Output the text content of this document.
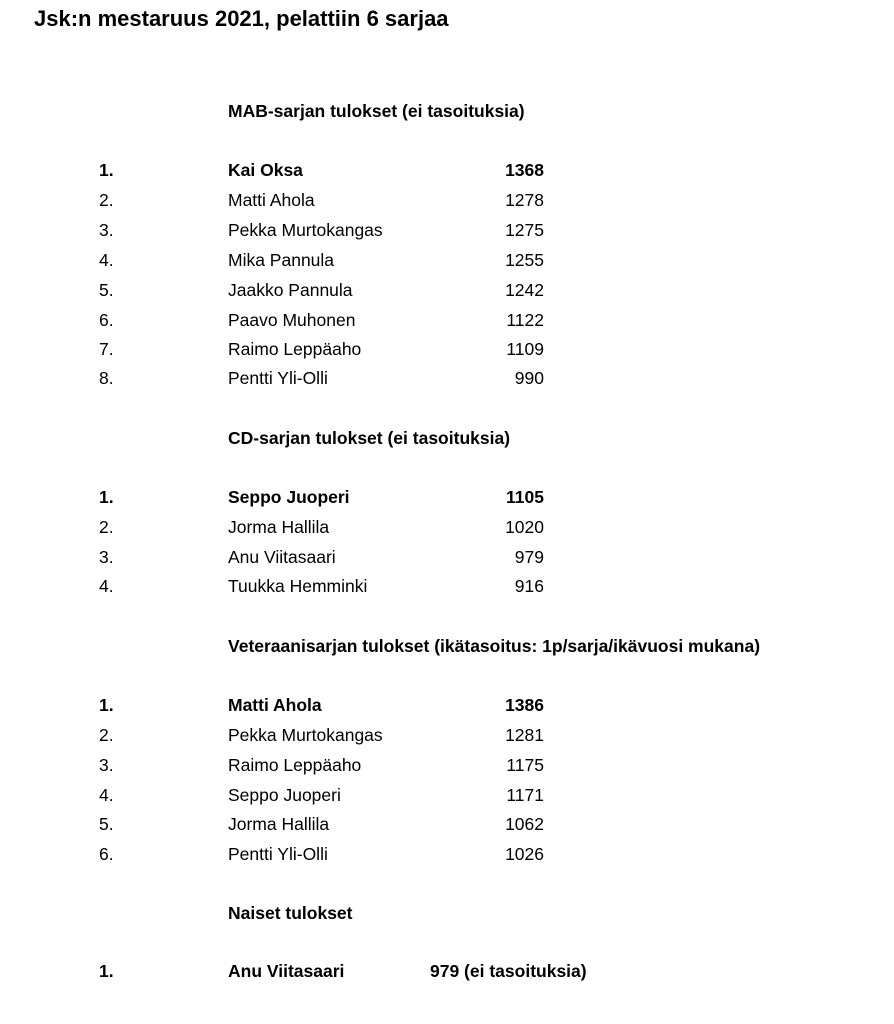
Jsk:n mestaruus 2021, pelattiin 6 sarjaa
MAB-sarjan tulokset (ei tasoituksia)
1.	Kai Oksa	1368
2.	Matti Ahola	1278
3.	Pekka Murtokangas	1275
4.	Mika Pannula	1255
5.	Jaakko Pannula	1242
6.	Paavo Muhonen	1122
7.	Raimo Leppäaho	1109
8.	Pentti Yli-Olli	990
CD-sarjan tulokset (ei tasoituksia)
1.	Seppo Juoperi	1105
2.	Jorma Hallila	1020
3.	Anu Viitasaari	979
4.	Tuukka Hemminki	916
Veteraanisarjan tulokset (ikätasoitus: 1p/sarja/ikävuosi mukana)
1.	Matti Ahola	1386
2.	Pekka Murtokangas	1281
3.	Raimo Leppäaho	1175
4.	Seppo Juoperi	1171
5.	Jorma Hallila	1062
6.	Pentti Yli-Olli	1026
Naiset tulokset
1.	Anu Viitasaari	979 (ei tasoituksia)
